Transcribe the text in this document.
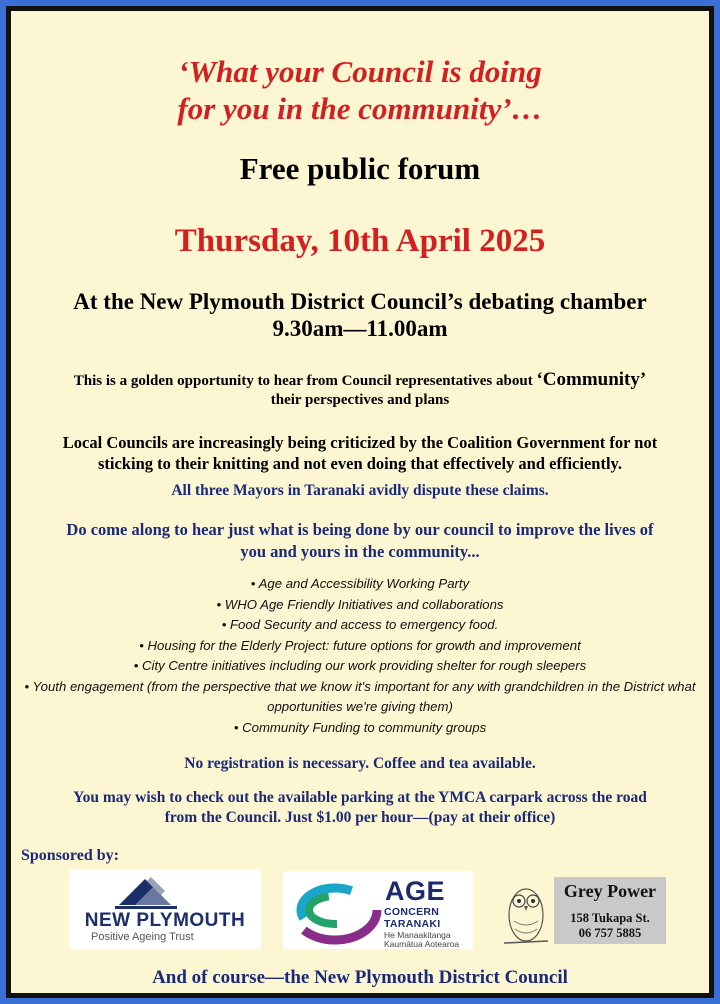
‘What your Council is doing
for you in the community’…
Free public forum
Thursday, 10th April 2025
At the New Plymouth District Council’s debating chamber
9.30am—11.00am
This is a golden opportunity to hear from Council representatives about ‘Community’
their perspectives and plans
Local Councils are increasingly being criticized by the Coalition Government for not
sticking to their knitting and not even doing that effectively and efficiently.
All three Mayors in Taranaki avidly dispute these claims.
Do come along to hear just what is being done by our council to improve the lives of
you and yours in the community...
• Age and Accessibility Working Party
• WHO Age Friendly Initiatives and collaborations
• Food Security and access to emergency food.
• Housing for the Elderly Project: future options for growth and improvement
• City Centre initiatives including our work providing shelter for rough sleepers
• Youth engagement (from the perspective that we know it's important for any with grandchildren in the District what opportunities we're giving them)
• Community Funding to community groups
No registration is necessary. Coffee and tea available.
You may wish to check out the available parking at the YMCA carpark across the road
from the Council. Just $1.00 per hour—(pay at their office)
Sponsored by:
NEW PLYMOUTH
Positive Ageing Trust
AGE
CONCERN
TARANAKI
He Manaakitanga
Kaumātua Aotearoa
Grey Power
158 Tukapa St.
06 757 5885
And of course—the New Plymouth District Council
